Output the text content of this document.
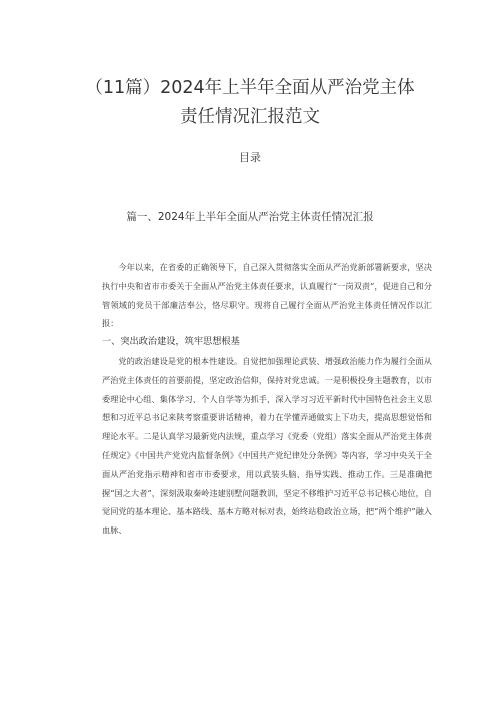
（11篇）2024年上半年全面从严治党主体
责任情况汇报范文
目录
篇一、2024年上半年全面从严治党主体责任情况汇报

今年以来，在省委的正确领导下，自己深入贯彻落实全面从严治党新部署新要求，坚决执行中央和省市市委关于全面从严治党主体责任要求，认真履行“一岗双责”，促进自己和分管领域的党员干部廉洁奉公，恪尽职守。现将自己履行全面从严治党主体责任情况作以汇报：

一、突出政治建设，筑牢思想根基

党的政治建设是党的根本性建设。自觉把加强理论武装、增强政治能力作为履行全面从严治党主体责任的首要前提，坚定政治信仰，保持对党忠诚。一是积极投身主题教育，以市委理论中心组、集体学习、个人自学等为抓手，深入学习习近平新时代中国特色社会主义思想和习近平总书记来陕考察重要讲话精神，着力在学懂弄通做实上下功夫，提高思想觉悟和理论水平。二是认真学习最新党内法规，重点学习《党委（党组）落实全面从严治党主体责任规定》《中国共产党党内监督条例》《中国共产党纪律处分条例》等内容，学习中央关于全面从严治党指示精神和省市市委要求，用以武装头脑、指导实践、推动工作。三是准确把握“国之大者”，深刻汲取秦岭违建别墅问题教训，坚定不移维护习近平总书记核心地位，自觉同党的基本理论、基本路线、基本方略对标对表，始终站稳政治立场，把“两个维护”融入血脉、
